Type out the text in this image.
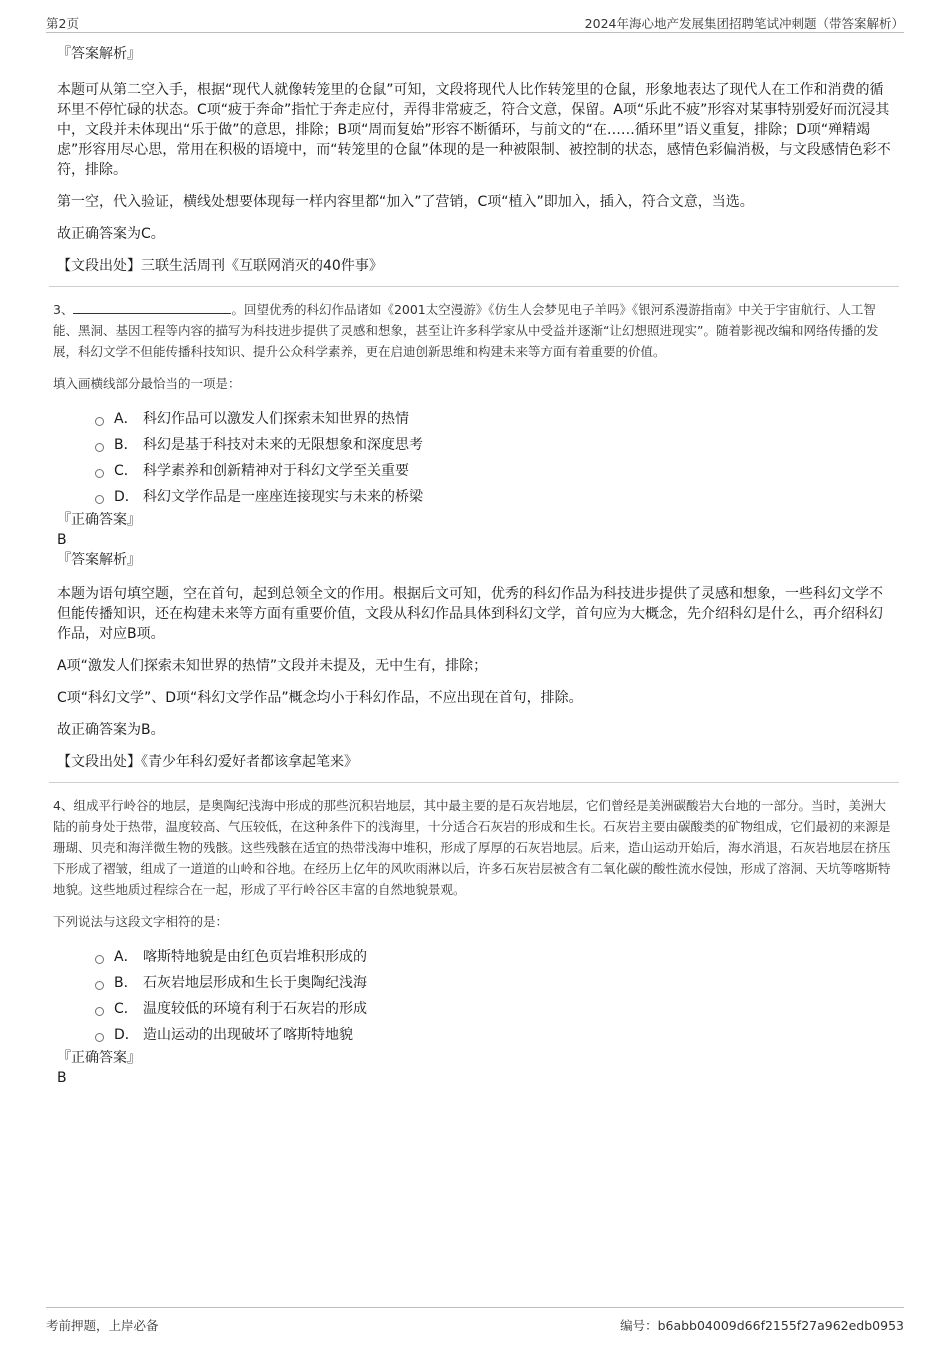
第2页	2024年海心地产发展集团招聘笔试冲刺题（带答案解析）
『答案解析』

本题可从第二空入手，根据“现代人就像转笼里的仓鼠”可知，文段将现代人比作转笼里的仓鼠，形象地表达了现代人在工作和消费的循环里不停忙碌的状态。C项“疲于奔命”指忙于奔走应付，弄得非常疲乏，符合文意，保留。A项“乐此不疲”形容对某事特别爱好而沉浸其中，文段并未体现出“乐于做”的意思，排除；B项“周而复始”形容不断循环，与前文的“在……循环里”语义重复，排除；D项“殚精竭虑”形容用尽心思，常用在积极的语境中，而“转笼里的仓鼠”体现的是一种被限制、被控制的状态，感情色彩偏消极，与文段感情色彩不符，排除。

第一空，代入验证，横线处想要体现每一样内容里都“加入”了营销，C项“植入”即加入，插入，符合文意，当选。

故正确答案为C。

【文段出处】三联生活周刊《互联网消灭的40件事》

3、	。回望优秀的科幻作品诸如《2001太空漫游》《仿生人会梦见电子羊吗》《银河系漫游指南》中关于宇宙航行、人工智能、黑洞、基因工程等内容的描写为科技进步提供了灵感和想象，甚至让许多科学家从中受益并逐渐“让幻想照进现实”。随着影视改编和网络传播的发展，科幻文学不但能传播科技知识、提升公众科学素养，更在启迪创新思维和构建未来等方面有着重要的价值。

填入画横线部分最恰当的一项是：
A． 科幻作品可以激发人们探索未知世界的热情
B． 科幻是基于科技对未来的无限想象和深度思考
C． 科学素养和创新精神对于科幻文学至关重要
D． 科幻文学作品是一座座连接现实与未来的桥梁
『正确答案』
B
『答案解析』

本题为语句填空题，空在首句，起到总领全文的作用。根据后文可知，优秀的科幻作品为科技进步提供了灵感和想象，一些科幻文学不但能传播知识，还在构建未来等方面有重要价值，文段从科幻作品具体到科幻文学，首句应为大概念，先介绍科幻是什么，再介绍科幻作品，对应B项。

A项“激发人们探索未知世界的热情”文段并未提及，无中生有，排除；

C项“科幻文学”、D项“科幻文学作品”概念均小于科幻作品，不应出现在首句，排除。

故正确答案为B。

【文段出处】《青少年科幻爱好者都该拿起笔来》

4、组成平行岭谷的地层，是奥陶纪浅海中形成的那些沉积岩地层，其中最主要的是石灰岩地层，它们曾经是美洲碳酸岩大台地的一部分。当时，美洲大陆的前身处于热带，温度较高、气压较低，在这种条件下的浅海里，十分适合石灰岩的形成和生长。石灰岩主要由碳酸类的矿物组成，它们最初的来源是珊瑚、贝壳和海洋微生物的残骸。这些残骸在适宜的热带浅海中堆积，形成了厚厚的石灰岩地层。后来，造山运动开始后，海水消退，石灰岩地层在挤压下形成了褶皱，组成了一道道的山岭和谷地。在经历上亿年的风吹雨淋以后，许多石灰岩层被含有二氧化碳的酸性流水侵蚀，形成了溶洞、天坑等喀斯特地貌。这些地质过程综合在一起，形成了平行岭谷区丰富的自然地貌景观。

下列说法与这段文字相符的是：
A． 喀斯特地貌是由红色页岩堆积形成的
B． 石灰岩地层形成和生长于奥陶纪浅海
C． 温度较低的环境有利于石灰岩的形成
D． 造山运动的出现破坏了喀斯特地貌
『正确答案』
B
考前押题，上岸必备	编号：b6abb04009d66f2155f27a962edb0953
